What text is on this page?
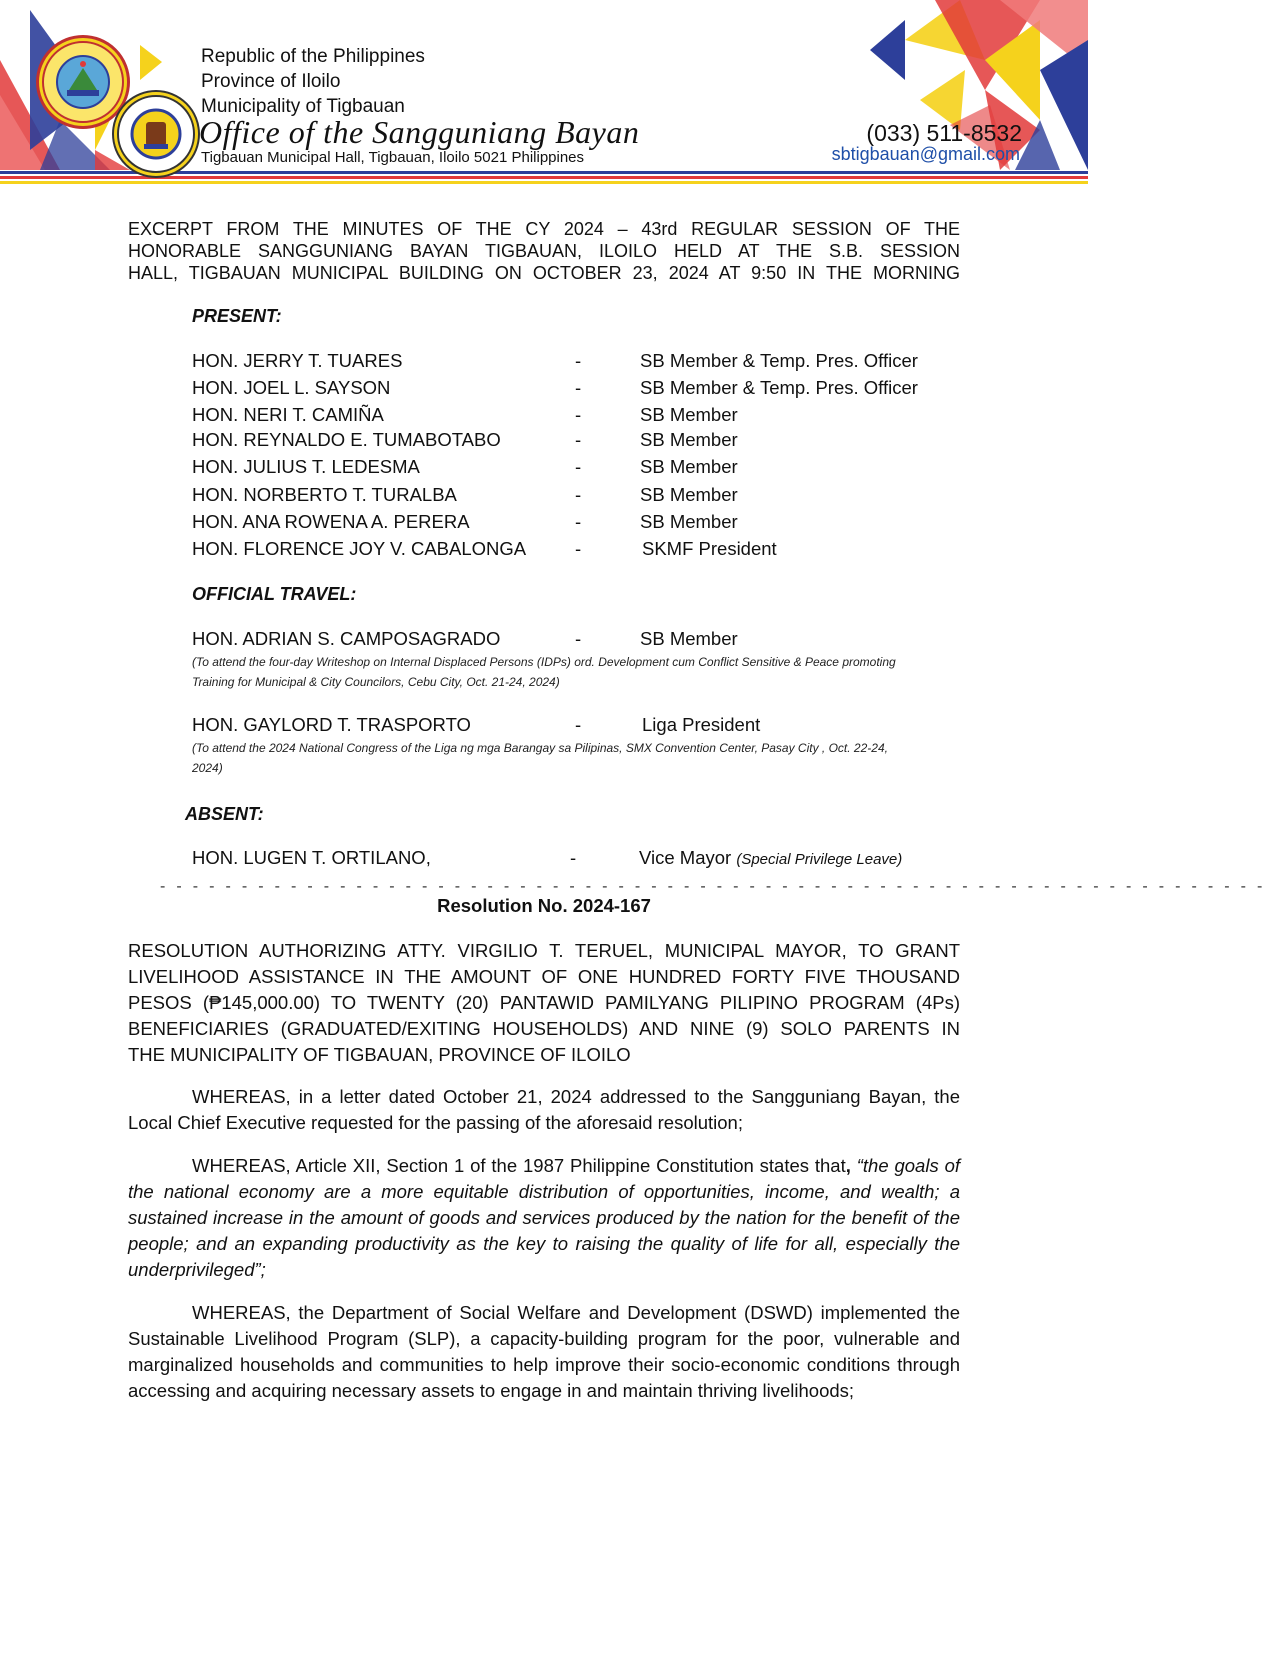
Republic of the Philippines
Province of Iloilo
Municipality of Tigbauan
Office of the Sangguniang Bayan
Tigbauan Municipal Hall, Tigbauan, Iloilo 5021 Philippines
(033) 511-8532
sbtigbauan@gmail.com
EXCERPT FROM THE MINUTES OF THE CY 2024 – 43rd REGULAR SESSION OF THE
HONORABLE SANGGUNIANG BAYAN TIGBAUAN, ILOILO HELD AT THE S.B. SESSION
HALL, TIGBAUAN MUNICIPAL BUILDING ON OCTOBER 23, 2024 AT 9:50 IN THE MORNING
PRESENT:
HON. JERRY T. TUARES	-	SB Member & Temp. Pres. Officer
HON. JOEL L. SAYSON	-	SB Member & Temp. Pres. Officer
HON. NERI T. CAMIÑA	-	SB Member
HON. REYNALDO E. TUMABOTABO	-	SB Member
HON. JULIUS T. LEDESMA	-	SB Member
HON. NORBERTO T. TURALBA	-	SB Member
HON. ANA ROWENA A. PERERA	-	SB Member
HON. FLORENCE JOY V. CABALONGA	-	SKMF President
OFFICIAL TRAVEL:
HON. ADRIAN S. CAMPOSAGRADO	-	SB Member
(To attend the four-day Writeshop on Internal Displaced Persons (IDPs) ord. Development cum Conflict Sensitive & Peace promoting
Training for Municipal & City Councilors, Cebu City, Oct. 21-24, 2024)
HON. GAYLORD T. TRASPORTO	-	Liga President
(To attend the 2024 National Congress of the Liga ng mga Barangay sa Pilipinas, SMX Convention Center, Pasay City , Oct. 22-24,
2024)
ABSENT:
HON. LUGEN T. ORTILANO,	-	Vice Mayor (Special Privilege Leave)
- - - - - - - - - - - - - - - - - - - - - - - - - - - - - - - - - - - - - - - - - - - - - - - - - - - - - - - - - - - - - - - - - - - -
Resolution No. 2024-167
RESOLUTION AUTHORIZING ATTY. VIRGILIO T. TERUEL, MUNICIPAL MAYOR, TO GRANT
LIVELIHOOD ASSISTANCE IN THE AMOUNT OF ONE HUNDRED FORTY FIVE THOUSAND
PESOS (₱145,000.00) TO TWENTY (20) PANTAWID PAMILYANG PILIPINO PROGRAM (4Ps)
BENEFICIARIES (GRADUATED/EXITING HOUSEHOLDS) AND NINE (9) SOLO PARENTS IN
THE MUNICIPALITY OF TIGBAUAN, PROVINCE OF ILOILO
WHEREAS, in a letter dated October 21, 2024 addressed to the Sangguniang Bayan, the Local Chief Executive requested for the passing of the aforesaid resolution;
WHEREAS, Article XII, Section 1 of the 1987 Philippine Constitution states that, “the goals of the national economy are a more equitable distribution of opportunities, income, and wealth; a sustained increase in the amount of goods and services produced by the nation for the benefit of the people; and an expanding productivity as the key to raising the quality of life for all, especially the underprivileged”;
WHEREAS, the Department of Social Welfare and Development (DSWD) implemented the Sustainable Livelihood Program (SLP), a capacity-building program for the poor, vulnerable and marginalized households and communities to help improve their socio-economic conditions through accessing and acquiring necessary assets to engage in and maintain thriving livelihoods;
